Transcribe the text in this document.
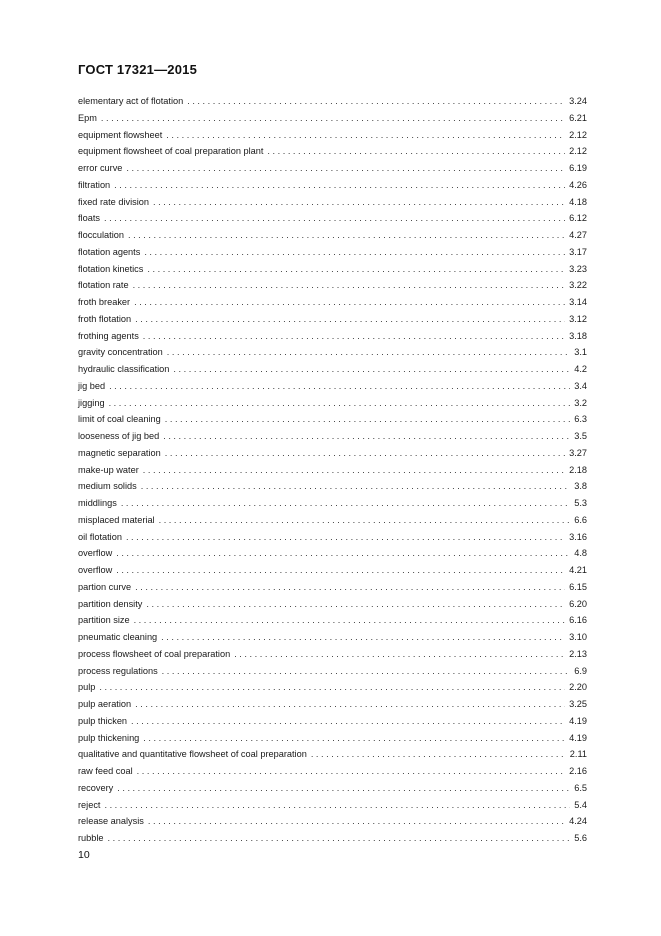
ГОСТ 17321—2015
elementary act of flotation . . .	3.24
Epm . . .	6.21
equipment flowsheet . . .	2.12
equipment flowsheet of coal preparation plant . . .	2.12
error curve . . .	6.19
filtration . . .	4.26
fixed rate division . . .	4.18
floats . . .	6.12
flocculation . . .	4.27
flotation agents . . .	3.17
flotation kinetics . . .	3.23
flotation rate . . .	3.22
froth breaker . . .	3.14
froth flotation . . .	3.12
frothing agents . . .	3.18
gravity concentration . . .	3.1
hydraulic classification . . .	4.2
jig bed . . .	3.4
jigging . . .	3.2
limit of coal cleaning . . .	6.3
looseness of jig bed . . .	3.5
magnetic separation . . .	3.27
make-up water . . .	2.18
medium solids . . .	3.8
middlings . . .	5.3
misplaced material . . .	6.6
oil flotation . . .	3.16
overflow . . .	4.8
overflow . . .	4.21
partion curve . . .	6.15
partition density . . .	6.20
partition size . . .	6.16
pneumatic cleaning . . .	3.10
process flowsheet of coal preparation . . .	2.13
process regulations . . .	6.9
pulp . . .	2.20
pulp aeration . . .	3.25
pulp thicken . . .	4.19
pulp thickening . . .	4.19
qualitative and quantitative flowsheet of coal preparation . . .	2.11
raw feed coal . . .	2.16
recovery . . .	6.5
reject . . .	5.4
release analysis . . .	4.24
rubble . . .	5.6
10
